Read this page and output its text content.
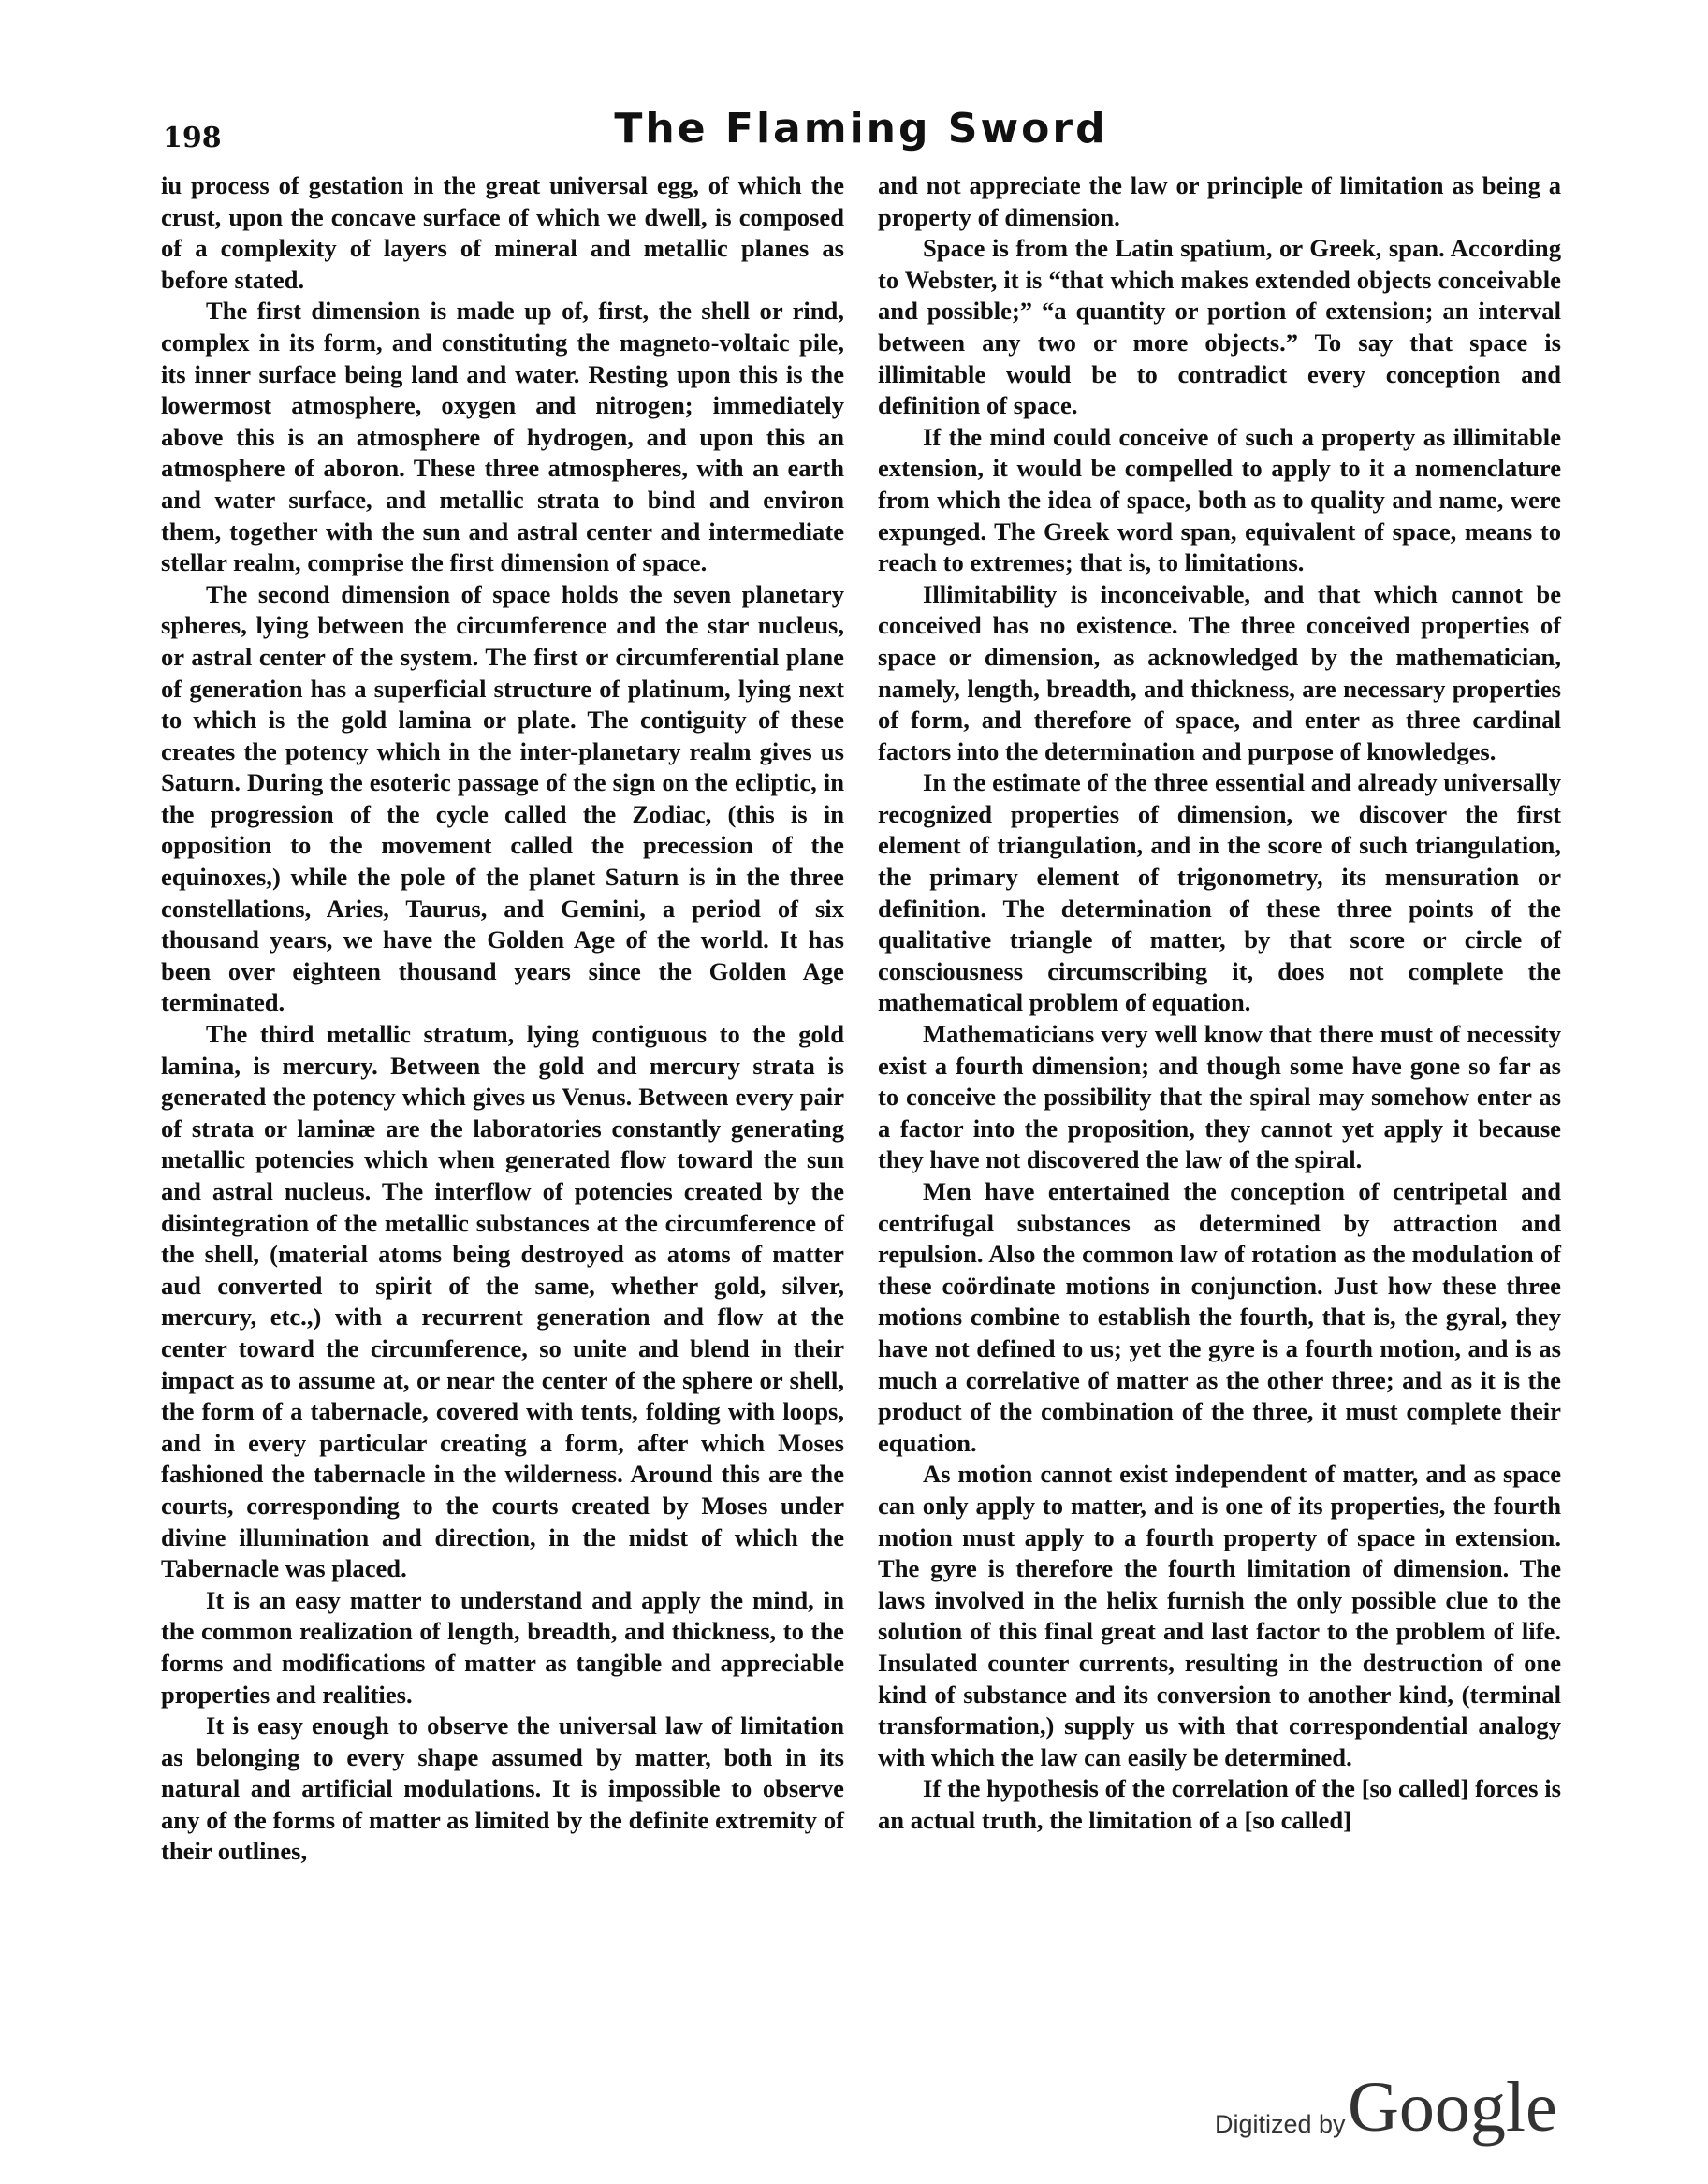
198	The Flaming Sword

iu process of gestation in the great universal egg, of which the crust, upon the concave surface of which we dwell, is composed of a complexity of layers of mineral and metallic planes as before stated.

The first dimension is made up of, first, the shell or rind, complex in its form, and constituting the magneto-voltaic pile, its inner surface being land and water. Resting upon this is the lowermost atmosphere, oxygen and nitrogen; immediately above this is an atmosphere of hydrogen, and upon this an atmosphere of aboron. These three atmospheres, with an earth and water surface, and metallic strata to bind and environ them, together with the sun and astral center and intermediate stellar realm, comprise the first dimension of space.

The second dimension of space holds the seven planetary spheres, lying between the circumference and the star nucleus, or astral center of the system. The first or circumferential plane of generation has a superficial structure of platinum, lying next to which is the gold lamina or plate. The contiguity of these creates the potency which in the inter-planetary realm gives us Saturn. During the esoteric passage of the sign on the ecliptic, in the progression of the cycle called the Zodiac, (this is in opposition to the movement called the precession of the equinoxes,) while the pole of the planet Saturn is in the three constellations, Aries, Taurus, and Gemini, a period of six thousand years, we have the Golden Age of the world. It has been over eighteen thousand years since the Golden Age terminated.

The third metallic stratum, lying contiguous to the gold lamina, is mercury. Between the gold and mercury strata is generated the potency which gives us Venus. Between every pair of strata or laminæ are the laboratories constantly generating metallic potencies which when generated flow toward the sun and astral nucleus. The interflow of potencies created by the disintegration of the metallic substances at the circumference of the shell, (material atoms being destroyed as atoms of matter aud converted to spirit of the same, whether gold, silver, mercury, etc.,) with a recurrent generation and flow at the center toward the circumference, so unite and blend in their impact as to assume at, or near the center of the sphere or shell, the form of a tabernacle, covered with tents, folding with loops, and in every particular creating a form, after which Moses fashioned the tabernacle in the wilderness. Around this are the courts, corresponding to the courts created by Moses under divine illumination and direction, in the midst of which the Tabernacle was placed.

It is an easy matter to understand and apply the mind, in the common realization of length, breadth, and thickness, to the forms and modifications of matter as tangible and appreciable properties and realities.

It is easy enough to observe the universal law of limitation as belonging to every shape assumed by matter, both in its natural and artificial modulations. It is impossible to observe any of the forms of matter as limited by the definite extremity of their outlines,

and not appreciate the law or principle of limitation as being a property of dimension.

Space is from the Latin spatium, or Greek, span. According to Webster, it is “that which makes extended objects conceivable and possible;” “a quantity or portion of extension; an interval between any two or more objects.” To say that space is illimitable would be to contradict every conception and definition of space.

If the mind could conceive of such a property as illimitable extension, it would be compelled to apply to it a nomenclature from which the idea of space, both as to quality and name, were expunged. The Greek word span, equivalent of space, means to reach to extremes; that is, to limitations.

Illimitability is inconceivable, and that which cannot be conceived has no existence. The three conceived properties of space or dimension, as acknowledged by the mathematician, namely, length, breadth, and thickness, are necessary properties of form, and therefore of space, and enter as three cardinal factors into the determination and purpose of knowledges.

In the estimate of the three essential and already universally recognized properties of dimension, we discover the first element of triangulation, and in the score of such triangulation, the primary element of trigonometry, its mensuration or definition. The determination of these three points of the qualitative triangle of matter, by that score or circle of consciousness circumscribing it, does not complete the mathematical problem of equation.

Mathematicians very well know that there must of necessity exist a fourth dimension; and though some have gone so far as to conceive the possibility that the spiral may somehow enter as a factor into the proposition, they cannot yet apply it because they have not discovered the law of the spiral.

Men have entertained the conception of centripetal and centrifugal substances as determined by attraction and repulsion. Also the common law of rotation as the modulation of these coördinate motions in conjunction. Just how these three motions combine to establish the fourth, that is, the gyral, they have not defined to us; yet the gyre is a fourth motion, and is as much a correlative of matter as the other three; and as it is the product of the combination of the three, it must complete their equation.

As motion cannot exist independent of matter, and as space can only apply to matter, and is one of its properties, the fourth motion must apply to a fourth property of space in extension. The gyre is therefore the fourth limitation of dimension. The laws involved in the helix furnish the only possible clue to the solution of this final great and last factor to the problem of life. Insulated counter currents, resulting in the destruction of one kind of substance and its conversion to another kind, (terminal transformation,) supply us with that correspondential analogy with which the law can easily be determined.

If the hypothesis of the correlation of the [so called] forces is an actual truth, the limitation of a [so called]

Digitized by Google
